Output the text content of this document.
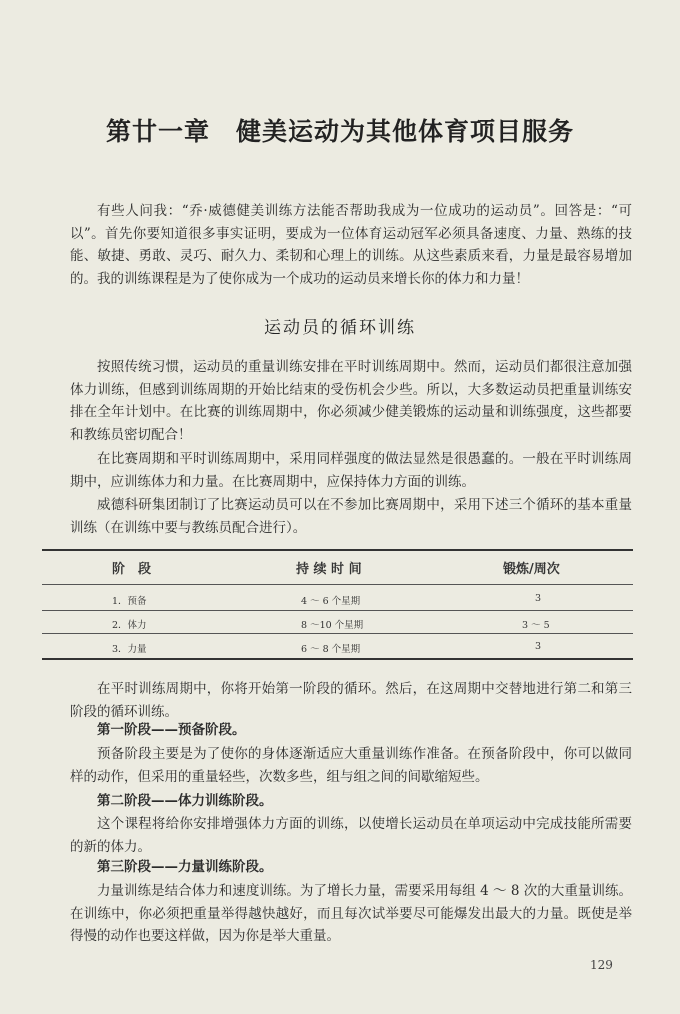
第廿一章　健美运动为其他体育项目服务

有些人问我：“乔·威德健美训练方法能否帮助我成为一位成功的运动员”。回答是：“可以”。首先你要知道很多事实证明，要成为一位体育运动冠军必须具备速度、力量、熟练的技能、敏捷、勇敢、灵巧、耐久力、柔韧和心理上的训练。从这些素质来看，力量是最容易增加的。我的训练课程是为了使你成为一个成功的运动员来增长你的体力和力量！

运动员的循环训练

按照传统习惯，运动员的重量训练安排在平时训练周期中。然而，运动员们都很注意加强体力训练，但感到训练周期的开始比结束的受伤机会少些。所以，大多数运动员把重量训练安排在全年计划中。在比赛的训练周期中，你必须减少健美锻炼的运动量和训练强度，这些都要和教练员密切配合！

在比赛周期和平时训练周期中，采用同样强度的做法显然是很愚蠢的。一般在平时训练周期中，应训练体力和力量。在比赛周期中，应保持体力方面的训练。

威德科研集团制订了比赛运动员可以在不参加比赛周期中，采用下述三个循环的基本重量训练（在训练中要与教练员配合进行）。

阶　段	持 续 时 间	锻炼/周次
1．预备	4 ～ 6 个星期	3
2．体力	8 ～10 个星期	3 ～ 5
3．力量	6 ～ 8 个星期	3

在平时训练周期中，你将开始第一阶段的循环。然后，在这周期中交替地进行第二和第三阶段的循环训练。

第一阶段——预备阶段。

预备阶段主要是为了使你的身体逐渐适应大重量训练作准备。在预备阶段中，你可以做同样的动作，但采用的重量轻些，次数多些，组与组之间的间歇缩短些。

第二阶段——体力训练阶段。

这个课程将给你安排增强体力方面的训练，以使增长运动员在单项运动中完成技能所需要的新的体力。

第三阶段——力量训练阶段。

力量训练是结合体力和速度训练。为了增长力量，需要采用每组 4 ～ 8 次的大重量训练。在训练中，你必须把重量举得越快越好，而且每次试举要尽可能爆发出最大的力量。既使是举得慢的动作也要这样做，因为你是举大重量。

129
